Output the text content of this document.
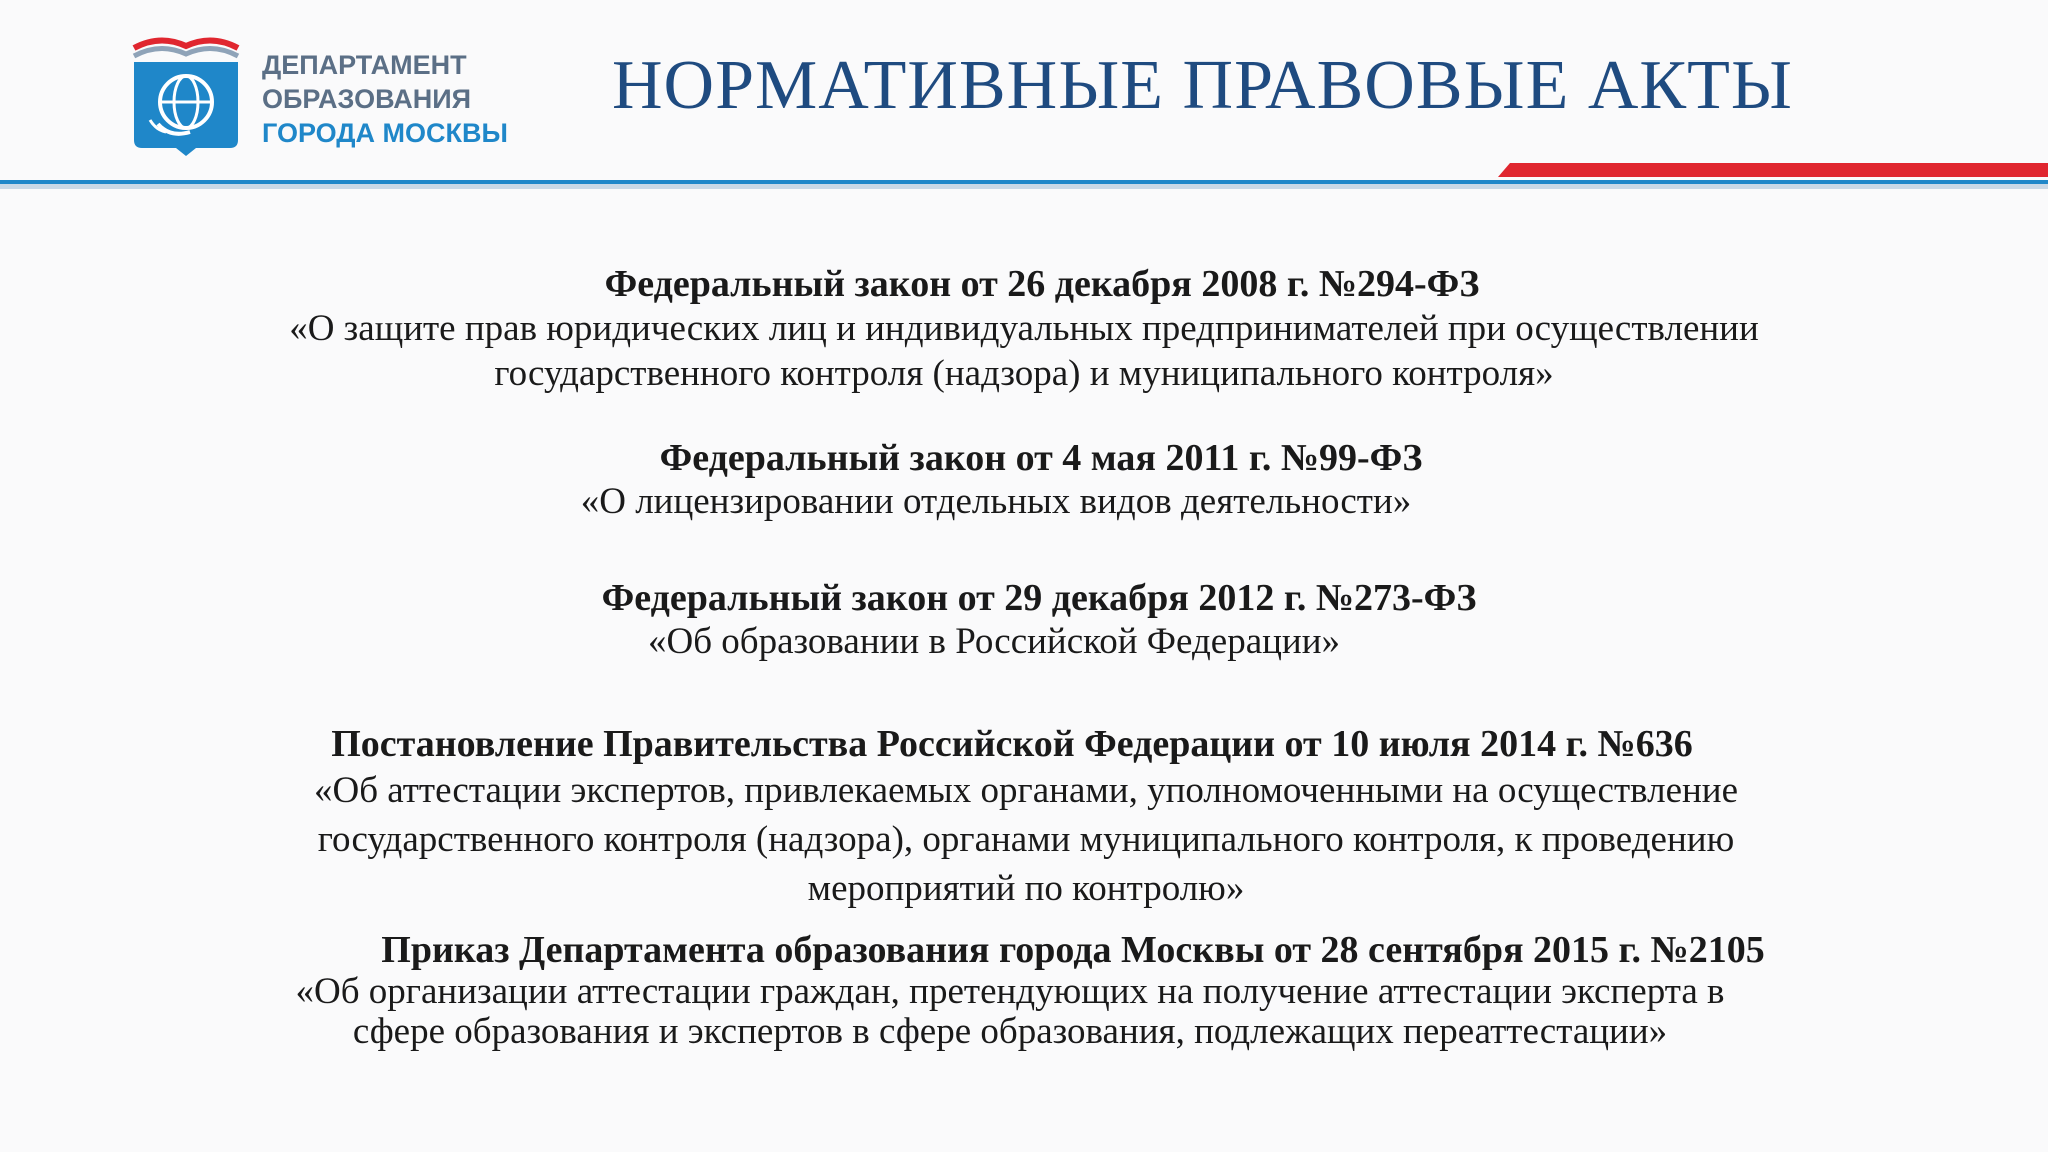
ДЕПАРТАМЕНТ
ОБРАЗОВАНИЯ
ГОРОДА МОСКВЫ
НОРМАТИВНЫЕ ПРАВОВЫЕ АКТЫ
Федеральный закон от 26 декабря 2008 г. №294-ФЗ
«О защите прав юридических лиц и индивидуальных предпринимателей при осуществлении
государственного контроля (надзора) и муниципального контроля»
Федеральный закон от 4 мая 2011 г. №99-ФЗ
«О лицензировании отдельных видов деятельности»
Федеральный закон от 29 декабря 2012 г. №273-ФЗ
«Об образовании в Российской Федерации»
Постановление Правительства Российской Федерации от 10 июля 2014 г. №636
«Об аттестации экспертов, привлекаемых органами, уполномоченными на осуществление
государственного контроля (надзора), органами муниципального контроля, к проведению
мероприятий по контролю»
Приказ Департамента образования города Москвы от 28 сентября 2015 г. №2105
«Об организации аттестации граждан, претендующих на получение аттестации эксперта в
сфере образования и экспертов в сфере образования, подлежащих переаттестации»
